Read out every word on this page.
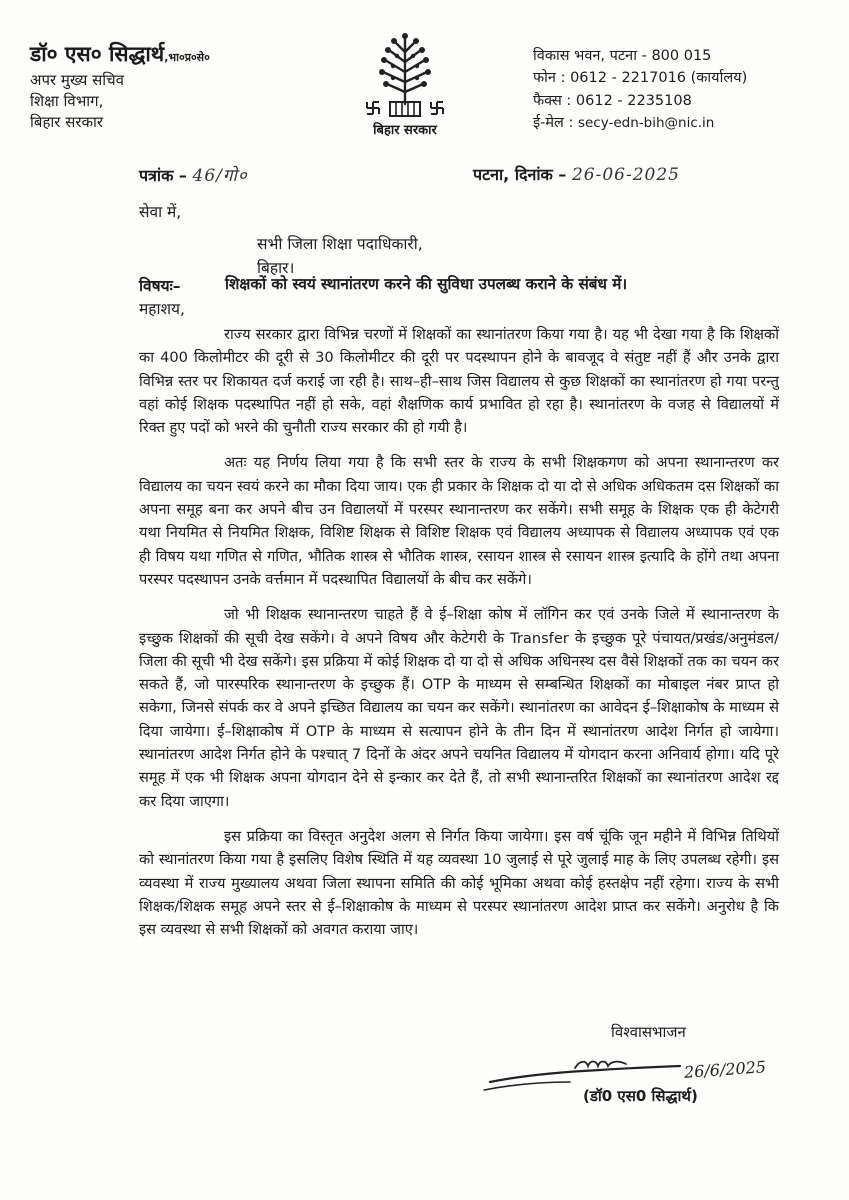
डॉ० एस० सिद्धार्थ,भा०प्र०से०
अपर मुख्य सचिव
शिक्षा विभाग,
बिहार सरकार	बिहार सरकार
विकास भवन, पटना - 800 015
फोन : 0612 - 2217016 (कार्यालय)
फैक्स : 0612 - 2235108
ई-मेल : secy-edn-bih@nic.in
पत्रांक – 46/गो०	पटना, दिनांक – 26-06-2025
सेवा में,
सभी जिला शिक्षा पदाधिकारी,
बिहार।
विषयः–	शिक्षकों को स्वयं स्थानांतरण करने की सुविधा उपलब्ध कराने के संबंध में।
महाशय,

राज्य सरकार द्वारा विभिन्न चरणों में शिक्षकों का स्थानांतरण किया गया है। यह भी देखा गया है कि शिक्षकों का 400 किलोमीटर की दूरी से 30 किलोमीटर की दूरी पर पदस्थापन होने के बावजूद वे संतुष्ट नहीं हैं और उनके द्वारा विभिन्न स्तर पर शिकायत दर्ज कराई जा रही है। साथ–ही–साथ जिस विद्यालय से कुछ शिक्षकों का स्थानांतरण हो गया परन्तु वहां कोई शिक्षक पदस्थापित नहीं हो सके, वहां शैक्षणिक कार्य प्रभावित हो रहा है। स्थानांतरण के वजह से विद्यालयों में रिक्त हुए पदों को भरने की चुनौती राज्य सरकार की हो गयी है।

अतः यह निर्णय लिया गया है कि सभी स्तर के राज्य के सभी शिक्षकगण को अपना स्थानान्तरण कर विद्यालय का चयन स्वयं करने का मौका दिया जाय। एक ही प्रकार के शिक्षक दो या दो से अधिक अधिकतम दस शिक्षकों का अपना समूह बना कर अपने बीच उन विद्यालयों में परस्पर स्थानान्तरण कर सकेंगे। सभी समूह के शिक्षक एक ही केटेगरी यथा नियमित से नियमित शिक्षक, विशिष्ट शिक्षक से विशिष्ट शिक्षक एवं विद्यालय अध्यापक से विद्यालय अध्यापक एवं एक ही विषय यथा गणित से गणित, भौतिक शास्त्र से भौतिक शास्त्र, रसायन शास्त्र से रसायन शास्त्र इत्यादि के होंगे तथा अपना परस्पर पदस्थापन उनके वर्त्तमान में पदस्थापित विद्यालयों के बीच कर सकेंगे।

जो भी शिक्षक स्थानान्तरण चाहते हैं वे ई–शिक्षा कोष में लॉगिन कर एवं उनके जिले में स्थानान्तरण के इच्छुक शिक्षकों की सूची देख सकेंगे। वे अपने विषय और केटेगरी के Transfer के इच्छुक पूरे पंचायत/प्रखंड/अनुमंडल/जिला की सूची भी देख सकेंगे। इस प्रक्रिया में कोई शिक्षक दो या दो से अधिक अधिनस्थ दस वैसे शिक्षकों तक का चयन कर सकते हैं, जो पारस्परिक स्थानान्तरण के इच्छुक हैं। OTP के माध्यम से सम्बन्धित शिक्षकों का मोबाइल नंबर प्राप्त हो सकेगा, जिनसे संपर्क कर वे अपने इच्छित विद्यालय का चयन कर सकेंगे। स्थानांतरण का आवेदन ई–शिक्षाकोष के माध्यम से दिया जायेगा। ई–शिक्षाकोष में OTP के माध्यम से सत्यापन होने के तीन दिन में स्थानांतरण आदेश निर्गत हो जायेगा। स्थानांतरण आदेश निर्गत होने के पश्चात् 7 दिनों के अंदर अपने चयनित विद्यालय में योगदान करना अनिवार्य होगा। यदि पूरे समूह में एक भी शिक्षक अपना योगदान देने से इन्कार कर देते हैं, तो सभी स्थानान्तरित शिक्षकों का स्थानांतरण आदेश रद्द कर दिया जाएगा।

इस प्रक्रिया का विस्तृत अनुदेश अलग से निर्गत किया जायेगा। इस वर्ष चूंकि जून महीने में विभिन्न तिथियों को स्थानांतरण किया गया है इसलिए विशेष स्थिति में यह व्यवस्था 10 जुलाई से पूरे जुलाई माह के लिए उपलब्ध रहेगी। इस व्यवस्था में राज्य मुख्यालय अथवा जिला स्थापना समिति की कोई भूमिका अथवा कोई हस्तक्षेप नहीं रहेगा। राज्य के सभी शिक्षक/शिक्षक समूह अपने स्तर से ई–शिक्षाकोष के माध्यम से परस्पर स्थानांतरण आदेश प्राप्त कर सकेंगे। अनुरोध है कि इस व्यवस्था से सभी शिक्षकों को अवगत कराया जाए।

विश्वासभाजन
26/6/2025
(डॉ0 एस0 सिद्धार्थ)
